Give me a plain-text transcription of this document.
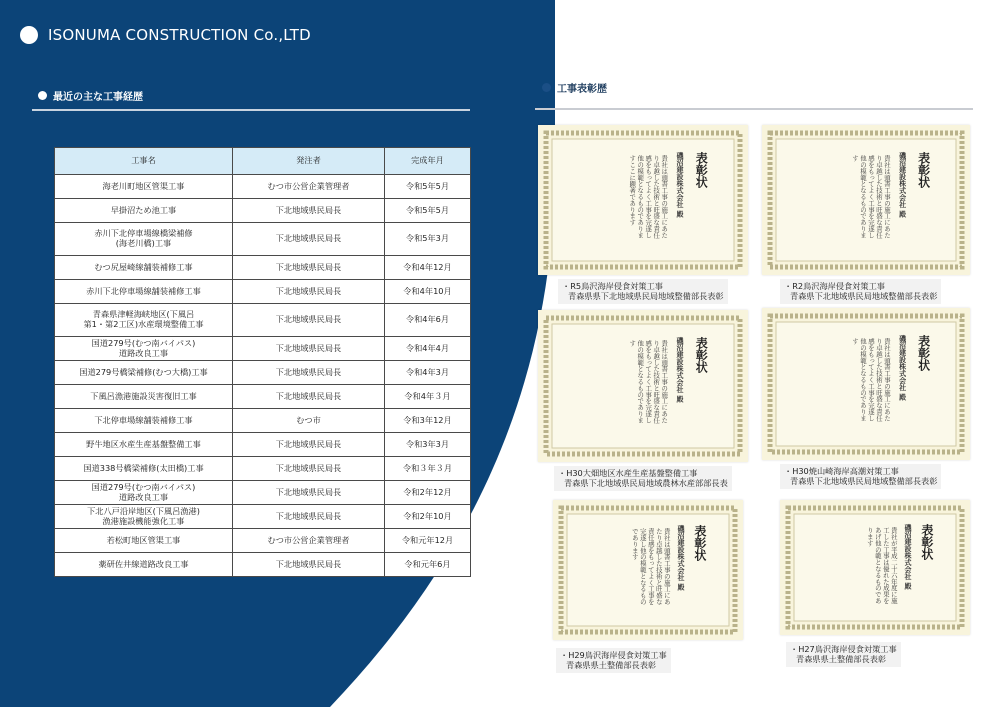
ISONUMA CONSTRUCTION Co.,LTD
最近の主な工事経歴
工事表彰歴
工事名	発注者	完成年月
海老川町地区管渠工事	むつ市公営企業管理者	令和5年5月
早掛沼ため池工事	下北地域県民局長	令和5年5月
赤川下北停車場線橋梁補修
(海老川橋)工事	下北地域県民局長	令和5年3月
むつ尻屋崎線舗装補修工事	下北地域県民局長	令和4年12月
赤川下北停車場線舗装補修工事	下北地域県民局長	令和4年10月
青森県津軽海峡地区(下風呂
第1・第2工区)水産環境整備工事	下北地域県民局長	令和4年6月
国道279号(むつ南バイパス)
道路改良工事	下北地域県民局長	令和4年4月
国道279号橋梁補修(むつ大橋)工事	下北地域県民局長	令和4年3月
下風呂漁港施設災害復旧工事	下北地域県民局長	令和4年３月
下北停車場線舗装補修工事	むつ市	令和3年12月
野牛地区水産生産基盤整備工事	下北地域県民局長	令和3年3月
国道338号橋梁補修(太田橋)工事	下北地域県民局長	令和３年３月
国道279号(むつ南バイパス)
道路改良工事	下北地域県民局長	令和2年12月
下北八戸沿岸地区(下風呂漁港)
漁港施設機能強化工事	下北地域県民局長	令和2年10月
若松町地区管渠工事	むつ市公営企業管理者	令和元年12月
薬研佐井線道路改良工事	下北地域県民局長	令和元年6月
表彰状
磯沼建設株式会社 殿
貴社は頭書工事の施工にあたり卓越した技術と旺盛な責任感をもってよく工事を完遂し他の模範となるものでありますここに顕著であります
・R5鳥沢海岸侵食対策工事
青森県県下北地域県民局地域整備部長表彰
表彰状
磯沼建設株式会社 殿
貴社は頭書工事の施工にあたり卓越した技術と旺盛な責任感をもってよく工事を完遂し他の模範となるものであります
・R2鳥沢海岸侵食対策工事
青森県下北地域県民局地域整備部長表彰
表彰状
磯沼建設株式会社 殿
貴社は頭書工事の施工にあたり卓越した技術と旺盛な責任感をもってよく工事を完遂し他の模範となるものであります
・H30大畑地区水産生産基盤整備工事
青森県下北地域県民局地域農林水産部部長表
表彰状
磯沼建設株式会社 殿
貴社は頭書工事の施工にあたり卓越した技術と旺盛な責任感をもってよく工事を完遂し他の模範となるものであります
・H30焼山崎海岸高潮対策工事
青森県下北地域県民局地域整備部長表彰
表彰状
磯沼建設株式会社 殿
貴社は頭書工事の施工にあたり卓越した技術と旺盛な責任感をもってよく工事を完遂し他の模範となるものであります
・H29鳥沢海岸侵食対策工事
青森県県土整備部長表彰
表彰状
磯沼建設株式会社 殿
貴社が平成二十六年度に施工した工事は優れた成果をあげ他の範となるものであります
・H27鳥沢海岸侵食対策工事
青森県県土整備部長表彰
